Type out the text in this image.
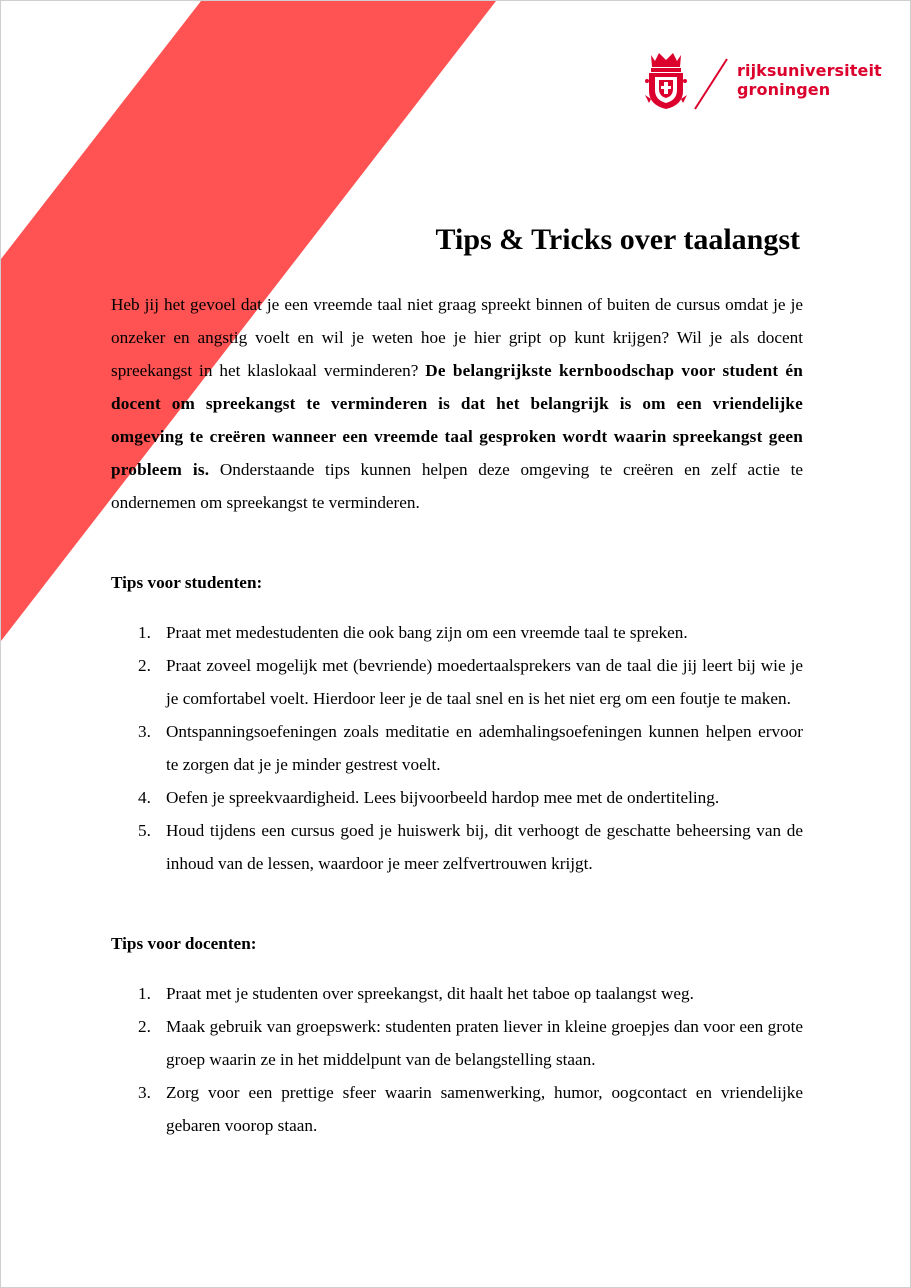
rijksuniversiteit
groningen
Tips & Tricks over taalangst

Heb jij het gevoel dat je een vreemde taal niet graag spreekt binnen of buiten de cursus omdat je je onzeker en angstig voelt en wil je weten hoe je hier gript op kunt krijgen? Wil je als docent spreekangst in het klaslokaal verminderen? De belangrijkste kernboodschap voor student én docent om spreekangst te verminderen is dat het belangrijk is om een vriendelijke omgeving te creëren wanneer een vreemde taal gesproken wordt waarin spreekangst geen probleem is. Onderstaande tips kunnen helpen deze omgeving te creëren en zelf actie te ondernemen om spreekangst te verminderen.

Tips voor studenten:
1. Praat met medestudenten die ook bang zijn om een vreemde taal te spreken.
2. Praat zoveel mogelijk met (bevriende) moedertaalsprekers van de taal die jij leert bij wie je je comfortabel voelt. Hierdoor leer je de taal snel en is het niet erg om een foutje te maken.
3. Ontspanningsoefeningen zoals meditatie en ademhalingsoefeningen kunnen helpen ervoor te zorgen dat je je minder gestrest voelt.
4. Oefen je spreekvaardigheid. Lees bijvoorbeeld hardop mee met de ondertiteling.
5. Houd tijdens een cursus goed je huiswerk bij, dit verhoogt de geschatte beheersing van de inhoud van de lessen, waardoor je meer zelfvertrouwen krijgt.
Tips voor docenten:
1. Praat met je studenten over spreekangst, dit haalt het taboe op taalangst weg.
2. Maak gebruik van groepswerk: studenten praten liever in kleine groepjes dan voor een grote groep waarin ze in het middelpunt van de belangstelling staan.
3. Zorg voor een prettige sfeer waarin samenwerking, humor, oogcontact en vriendelijke gebaren voorop staan.
